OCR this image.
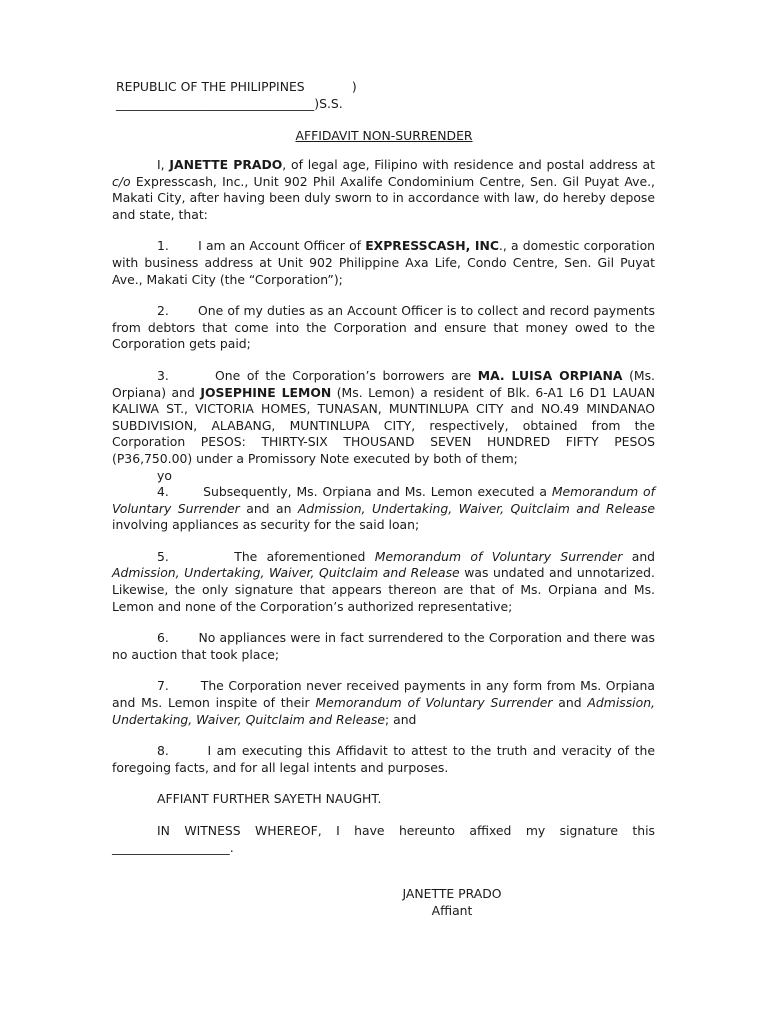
REPUBLIC OF THE PHILIPPINES            )
________________________________)S.S.
AFFIDAVIT NON-SURRENDER

I, JANETTE PRADO, of legal age, Filipino with residence and postal address at c/o Expresscash, Inc., Unit 902 Phil Axalife Condominium Centre, Sen. Gil Puyat Ave., Makati City, after having been duly sworn to in accordance with law, do hereby depose and state, that:

1. I am an Account Officer of EXPRESSCASH, INC., a domestic corporation with business address at Unit 902 Philippine Axa Life, Condo Centre, Sen. Gil Puyat Ave., Makati City (the “Corporation”);

2. One of my duties as an Account Officer is to collect and record payments from debtors that come into the Corporation and ensure that money owed to the Corporation gets paid;

3.	One of the Corporation’s borrowers are MA. LUISA ORPIANA (Ms. Orpiana) and JOSEPHINE LEMON (Ms. Lemon) a resident of Blk. 6-A1 L6 D1 LAUAN KALIWA ST., VICTORIA HOMES, TUNASAN, MUNTINLUPA CITY and NO.49 MINDANAO SUBDIVISION, ALABANG, MUNTINLUPA CITY, respectively, obtained from the Corporation PESOS: THIRTY-SIX THOUSAND SEVEN HUNDRED FIFTY PESOS (P36,750.00) under a Promissory Note executed by both of them;

yo

4.	Subsequently, Ms. Orpiana and Ms. Lemon executed a Memorandum of Voluntary Surrender and an Admission, Undertaking, Waiver, Quitclaim and Release involving appliances as security for the said loan;

5.	The aforementioned Memorandum of Voluntary Surrender and Admission, Undertaking, Waiver, Quitclaim and Release was undated and unnotarized. Likewise, the only signature that appears thereon are that of Ms. Orpiana and Ms. Lemon and none of the Corporation’s authorized representative;

6. No appliances were in fact surrendered to the Corporation and there was no auction that took place;

7.	The Corporation never received payments in any form from Ms. Orpiana and Ms. Lemon inspite of their Memorandum of Voluntary Surrender and Admission, Undertaking, Waiver, Quitclaim and Release; and

8.	I am executing this Affidavit to attest to the truth and veracity of the foregoing facts, and for all legal intents and purposes.

AFFIANT FURTHER SAYETH NAUGHT.

IN WITNESS WHEREOF, I have hereunto affixed my signature this ___________________.

JANETTE PRADO
Affiant
